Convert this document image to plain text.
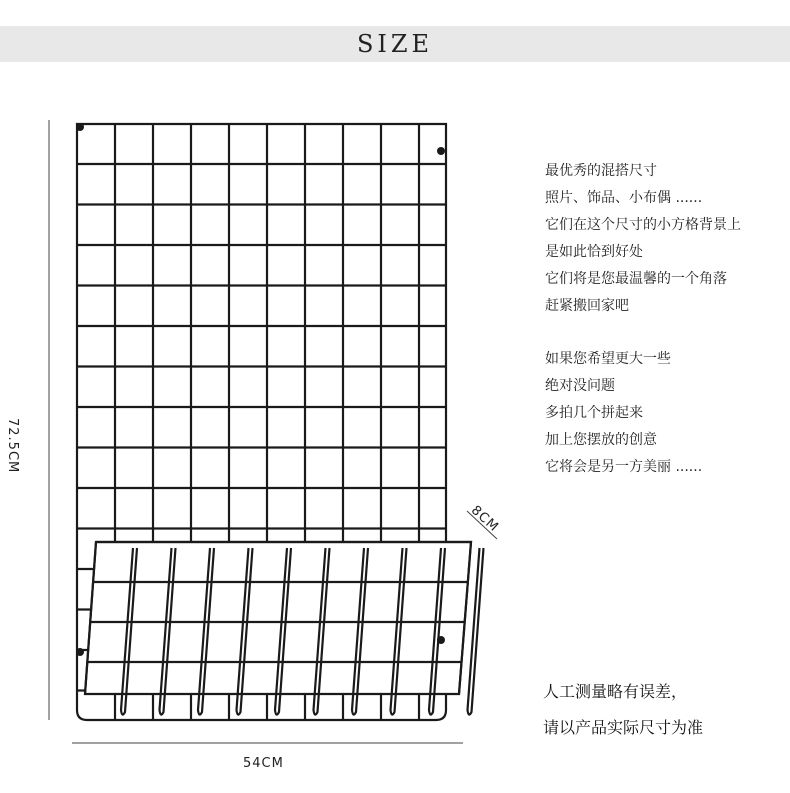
SIZE
54CM
72.5CM
8CM
最优秀的混搭尺寸
照片、饰品、小布偶 ......
它们在这个尺寸的小方格背景上
是如此恰到好处
它们将是您最温馨的一个角落
赶紧搬回家吧
如果您希望更大一些
绝对没问题
多拍几个拼起来
加上您摆放的创意
它将会是另一方美丽 ......
人工测量略有误差，
请以产品实际尺寸为准
